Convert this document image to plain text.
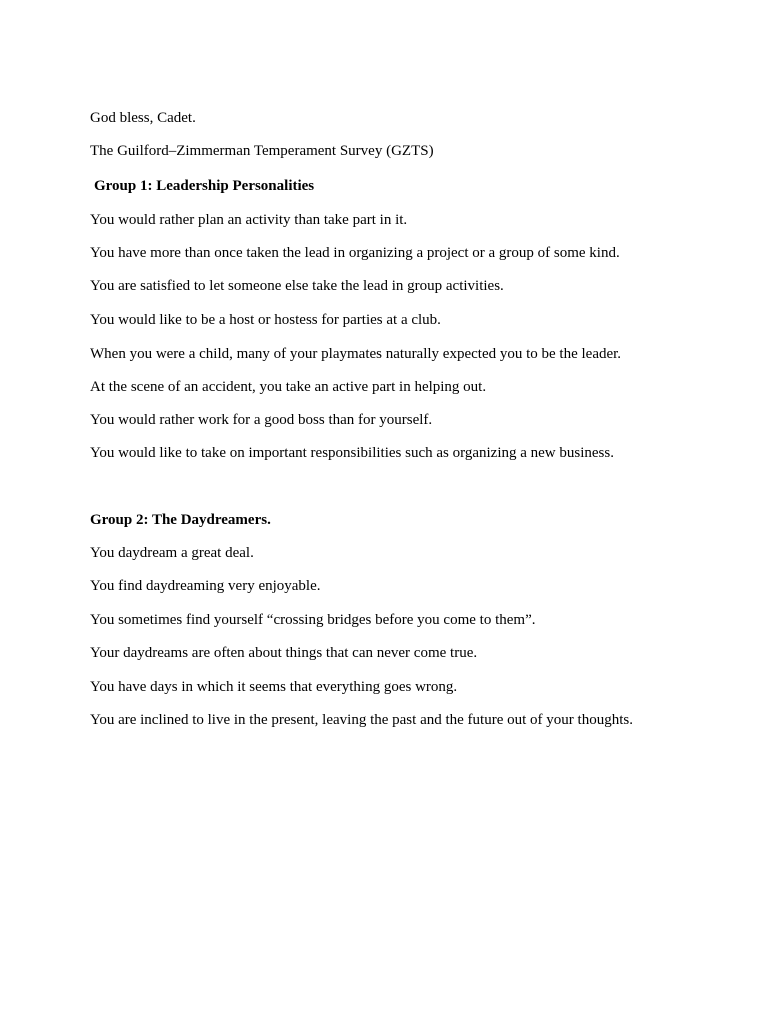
God bless, Cadet.
The Guilford–Zimmerman Temperament Survey (GZTS)
Group 1: Leadership Personalities
You would rather plan an activity than take part in it.
You have more than once taken the lead in organizing a project or a group of some kind.
You are satisfied to let someone else take the lead in group activities.
You would like to be a host or hostess for parties at a club.
When you were a child, many of your playmates naturally expected you to be the leader.
At the scene of an accident, you take an active part in helping out.
You would rather work for a good boss than for yourself.
You would like to take on important responsibilities such as organizing a new business.
Group 2: The Daydreamers.
You daydream a great deal.
You find daydreaming very enjoyable.
You sometimes find yourself “crossing bridges before you come to them”.
Your daydreams are often about things that can never come true.
You have days in which it seems that everything goes wrong.
You are inclined to live in the present, leaving the past and the future out of your thoughts.
